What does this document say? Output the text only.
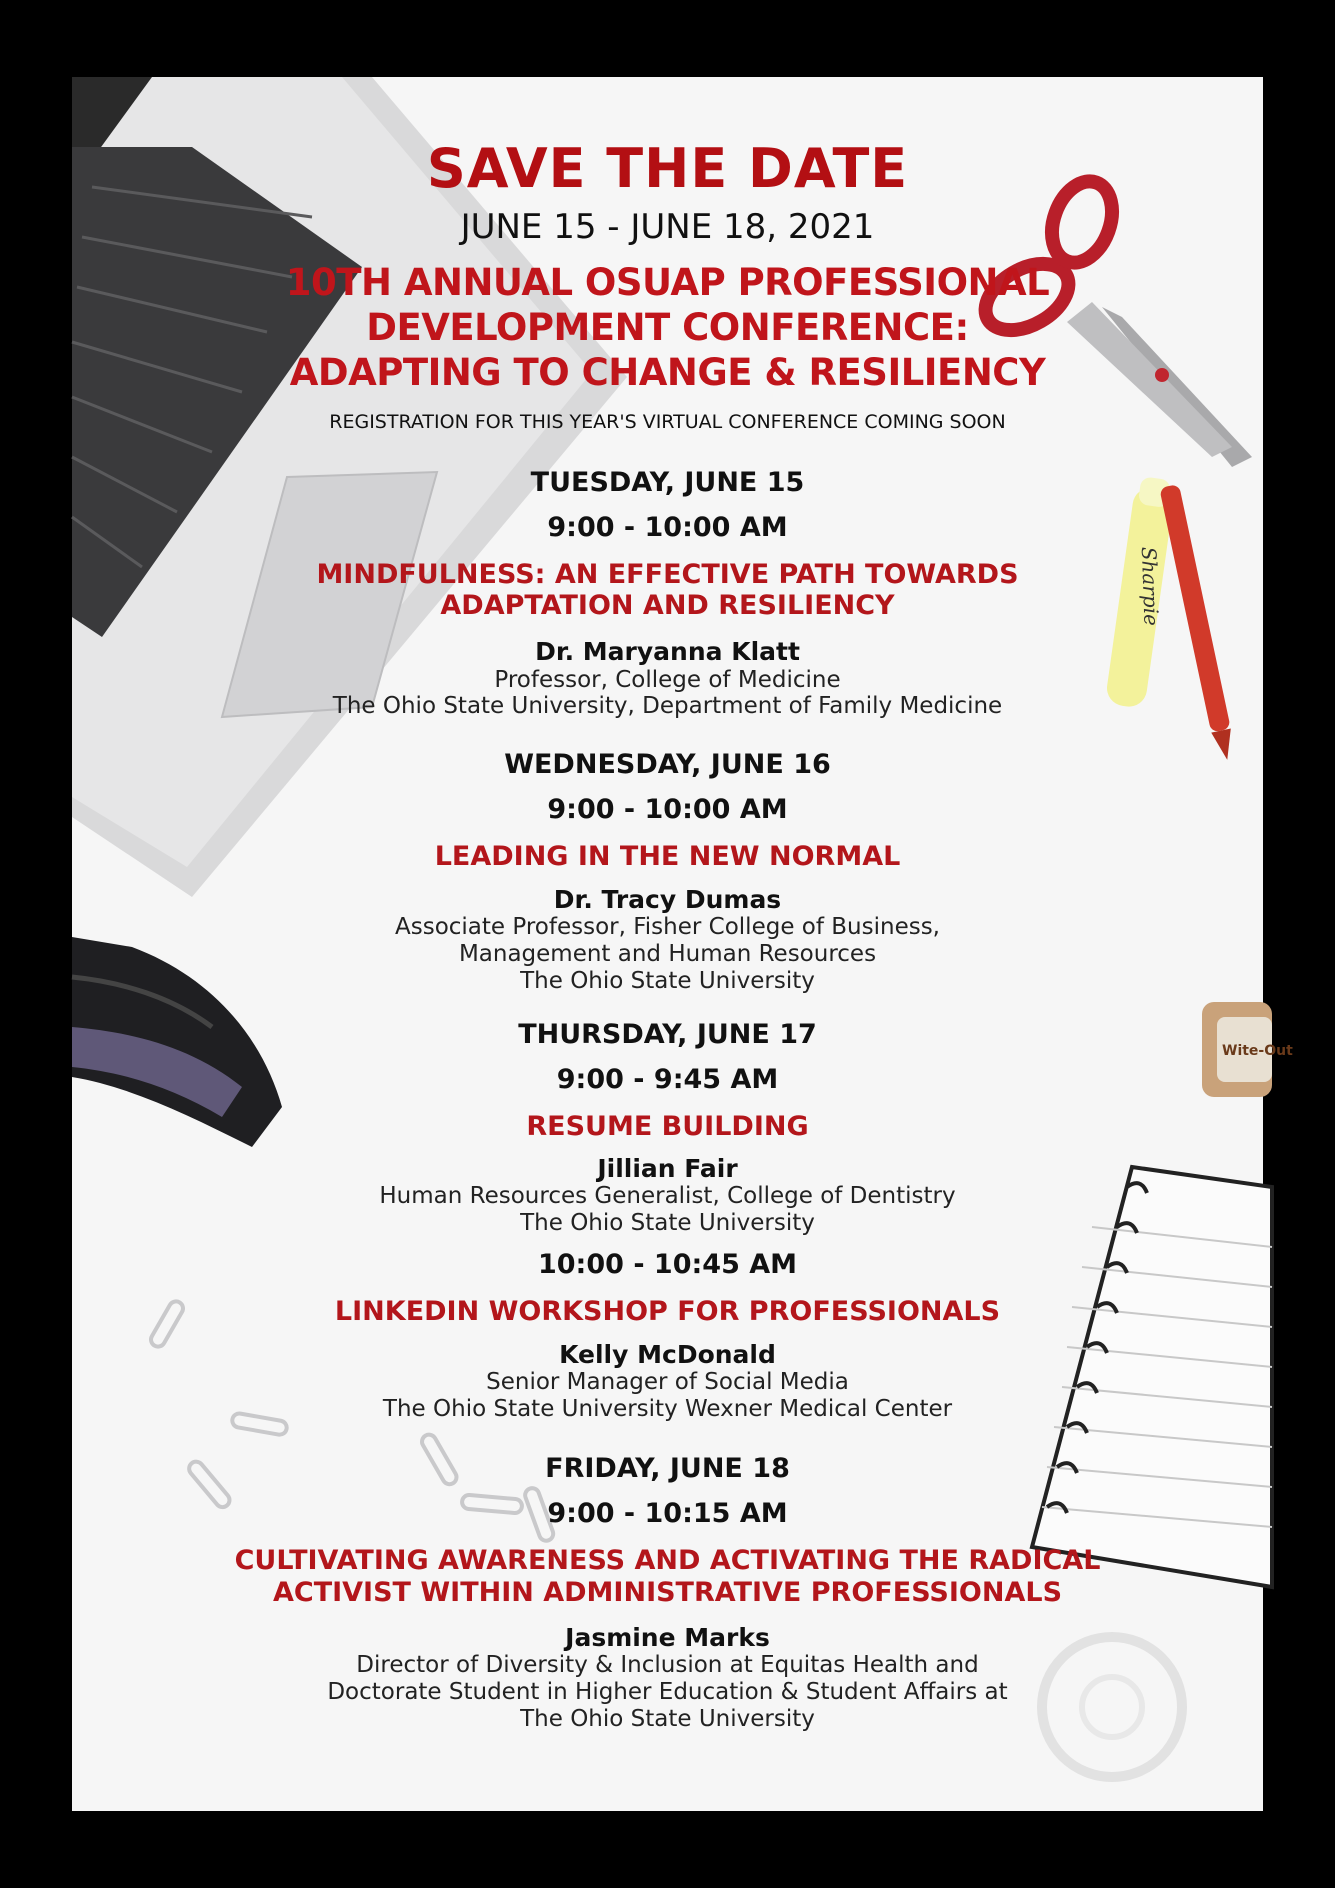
Sharpie
Wite-Out
SAVE THE DATE
JUNE 15 - JUNE 18, 2021
10TH ANNUAL OSUAP PROFESSIONAL
DEVELOPMENT CONFERENCE:
ADAPTING TO CHANGE & RESILIENCY
REGISTRATION FOR THIS YEAR'S VIRTUAL CONFERENCE COMING SOON
TUESDAY, JUNE 15
9:00 - 10:00 AM
MINDFULNESS: AN EFFECTIVE PATH TOWARDS
ADAPTATION AND RESILIENCY
Dr. Maryanna Klatt
Professor, College of Medicine
The Ohio State University, Department of Family Medicine
WEDNESDAY, JUNE 16
9:00 - 10:00 AM
LEADING IN THE NEW NORMAL
Dr. Tracy Dumas
Associate Professor, Fisher College of Business,
Management and Human Resources
The Ohio State University
THURSDAY, JUNE 17
9:00 - 9:45 AM
RESUME BUILDING
Jillian Fair
Human Resources Generalist, College of Dentistry
The Ohio State University
10:00 - 10:45 AM
LINKEDIN WORKSHOP FOR PROFESSIONALS
Kelly McDonald
Senior Manager of Social Media
The Ohio State University Wexner Medical Center
FRIDAY, JUNE 18
9:00 - 10:15 AM
CULTIVATING AWARENESS AND ACTIVATING THE RADICAL
ACTIVIST WITHIN ADMINISTRATIVE PROFESSIONALS
Jasmine Marks
Director of Diversity & Inclusion at Equitas Health and
Doctorate Student in Higher Education & Student Affairs at
The Ohio State University
